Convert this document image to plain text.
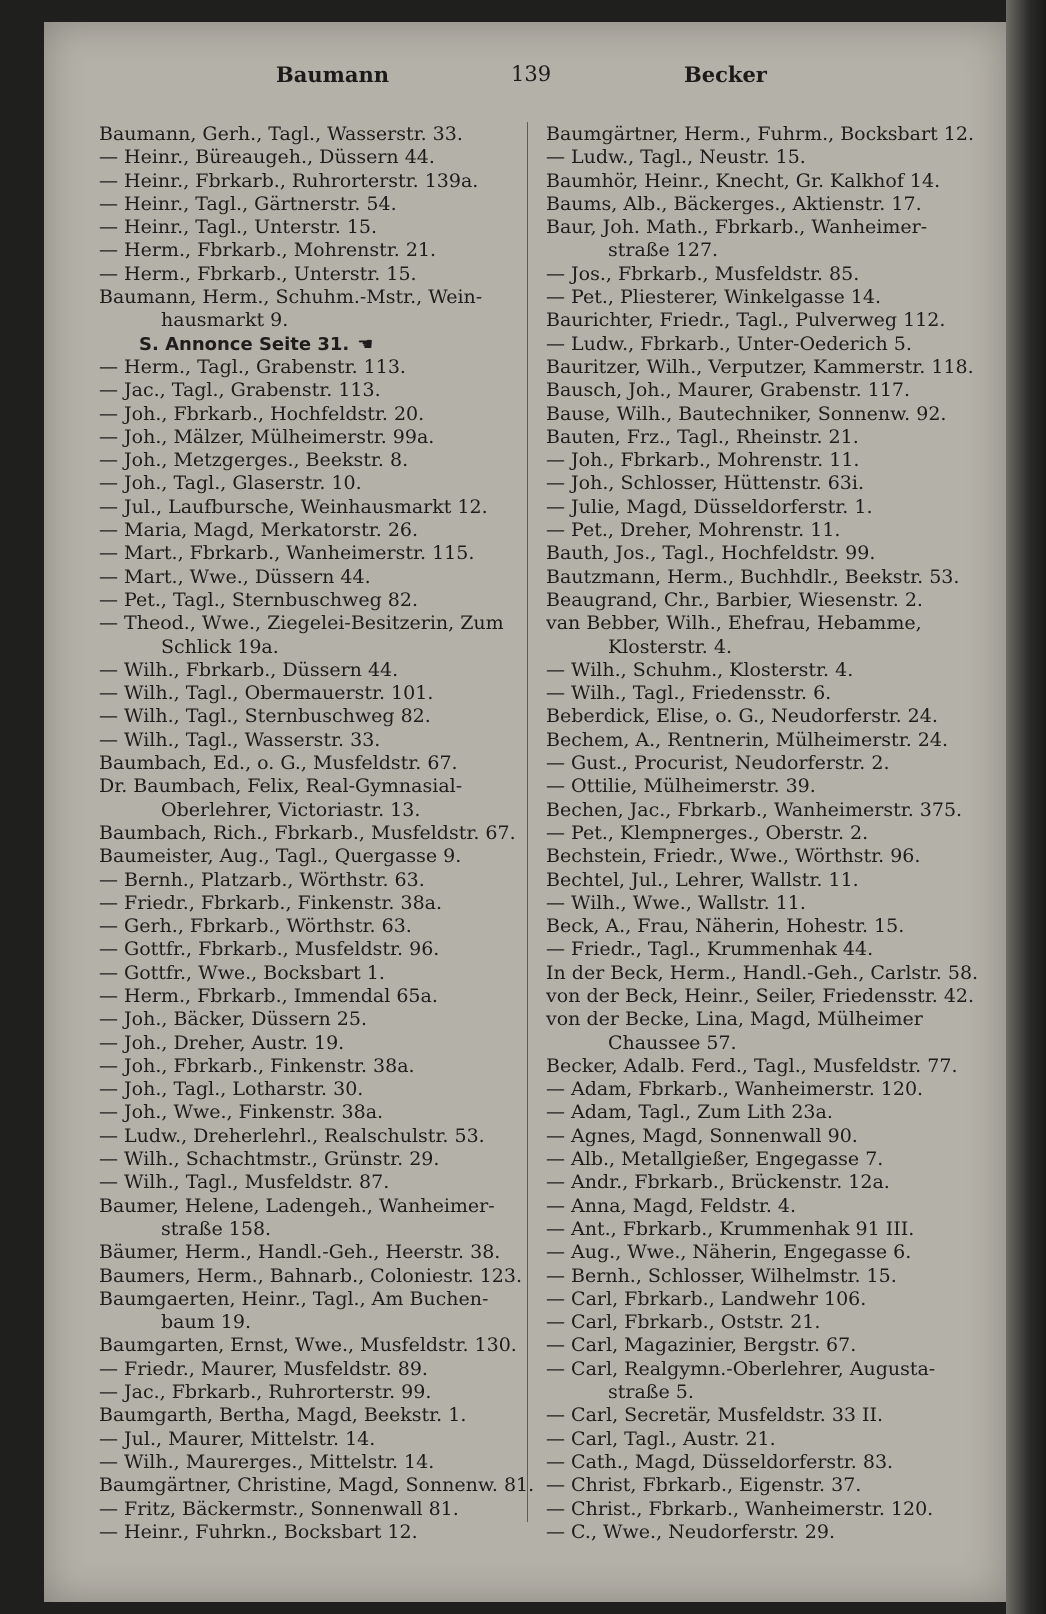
Baumann	139	Becker
Baumann, Gerh., Tagl., Wasserstr. 33.
— Heinr., Büreaugeh., Düssern 44.
— Heinr., Fbrkarb., Ruhrorterstr. 139a.
— Heinr., Tagl., Gärtnerstr. 54.
— Heinr., Tagl., Unterstr. 15.
— Herm., Fbrkarb., Mohrenstr. 21.
— Herm., Fbrkarb., Unterstr. 15.
Baumann, Herm., Schuhm.-Mstr., Wein-
hausmarkt 9.
S. Annonce Seite 31. ☚
— Herm., Tagl., Grabenstr. 113.
— Jac., Tagl., Grabenstr. 113.
— Joh., Fbrkarb., Hochfeldstr. 20.
— Joh., Mälzer, Mülheimerstr. 99a.
— Joh., Metzgerges., Beekstr. 8.
— Joh., Tagl., Glaserstr. 10.
— Jul., Laufbursche, Weinhausmarkt 12.
— Maria, Magd, Merkatorstr. 26.
— Mart., Fbrkarb., Wanheimerstr. 115.
— Mart., Wwe., Düssern 44.
— Pet., Tagl., Sternbuschweg 82.
— Theod., Wwe., Ziegelei-Besitzerin, Zum
Schlick 19a.
— Wilh., Fbrkarb., Düssern 44.
— Wilh., Tagl., Obermauerstr. 101.
— Wilh., Tagl., Sternbuschweg 82.
— Wilh., Tagl., Wasserstr. 33.
Baumbach, Ed., o. G., Musfeldstr. 67.
Dr. Baumbach, Felix, Real-Gymnasial-
Oberlehrer, Victoriastr. 13.
Baumbach, Rich., Fbrkarb., Musfeldstr. 67.
Baumeister, Aug., Tagl., Quergasse 9.
— Bernh., Platzarb., Wörthstr. 63.
— Friedr., Fbrkarb., Finkenstr. 38a.
— Gerh., Fbrkarb., Wörthstr. 63.
— Gottfr., Fbrkarb., Musfeldstr. 96.
— Gottfr., Wwe., Bocksbart 1.
— Herm., Fbrkarb., Immendal 65a.
— Joh., Bäcker, Düssern 25.
— Joh., Dreher, Austr. 19.
— Joh., Fbrkarb., Finkenstr. 38a.
— Joh., Tagl., Lotharstr. 30.
— Joh., Wwe., Finkenstr. 38a.
— Ludw., Dreherlehrl., Realschulstr. 53.
— Wilh., Schachtmstr., Grünstr. 29.
— Wilh., Tagl., Musfeldstr. 87.
Baumer, Helene, Ladengeh., Wanheimer-
straße 158.
Bäumer, Herm., Handl.-Geh., Heerstr. 38.
Baumers, Herm., Bahnarb., Coloniestr. 123.
Baumgaerten, Heinr., Tagl., Am Buchen-
baum 19.
Baumgarten, Ernst, Wwe., Musfeldstr. 130.
— Friedr., Maurer, Musfeldstr. 89.
— Jac., Fbrkarb., Ruhrorterstr. 99.
Baumgarth, Bertha, Magd, Beekstr. 1.
— Jul., Maurer, Mittelstr. 14.
— Wilh., Maurerges., Mittelstr. 14.
Baumgärtner, Christine, Magd, Sonnenw. 81.
— Fritz, Bäckermstr., Sonnenwall 81.
— Heinr., Fuhrkn., Bocksbart 12.
Baumgärtner, Herm., Fuhrm., Bocksbart 12.
— Ludw., Tagl., Neustr. 15.
Baumhör, Heinr., Knecht, Gr. Kalkhof 14.
Baums, Alb., Bäckerges., Aktienstr. 17.
Baur, Joh. Math., Fbrkarb., Wanheimer-
straße 127.
— Jos., Fbrkarb., Musfeldstr. 85.
— Pet., Pliesterer, Winkelgasse 14.
Baurichter, Friedr., Tagl., Pulverweg 112.
— Ludw., Fbrkarb., Unter-Oederich 5.
Bauritzer, Wilh., Verputzer, Kammerstr. 118.
Bausch, Joh., Maurer, Grabenstr. 117.
Bause, Wilh., Bautechniker, Sonnenw. 92.
Bauten, Frz., Tagl., Rheinstr. 21.
— Joh., Fbrkarb., Mohrenstr. 11.
— Joh., Schlosser, Hüttenstr. 63i.
— Julie, Magd, Düsseldorferstr. 1.
— Pet., Dreher, Mohrenstr. 11.
Bauth, Jos., Tagl., Hochfeldstr. 99.
Bautzmann, Herm., Buchhdlr., Beekstr. 53.
Beaugrand, Chr., Barbier, Wiesenstr. 2.
van Bebber, Wilh., Ehefrau, Hebamme,
Klosterstr. 4.
— Wilh., Schuhm., Klosterstr. 4.
— Wilh., Tagl., Friedensstr. 6.
Beberdick, Elise, o. G., Neudorferstr. 24.
Bechem, A., Rentnerin, Mülheimerstr. 24.
— Gust., Procurist, Neudorferstr. 2.
— Ottilie, Mülheimerstr. 39.
Bechen, Jac., Fbrkarb., Wanheimerstr. 375.
— Pet., Klempnerges., Oberstr. 2.
Bechstein, Friedr., Wwe., Wörthstr. 96.
Bechtel, Jul., Lehrer, Wallstr. 11.
— Wilh., Wwe., Wallstr. 11.
Beck, A., Frau, Näherin, Hohestr. 15.
— Friedr., Tagl., Krummenhak 44.
In der Beck, Herm., Handl.-Geh., Carlstr. 58.
von der Beck, Heinr., Seiler, Friedensstr. 42.
von der Becke, Lina, Magd, Mülheimer
Chaussee 57.
Becker, Adalb. Ferd., Tagl., Musfeldstr. 77.
— Adam, Fbrkarb., Wanheimerstr. 120.
— Adam, Tagl., Zum Lith 23a.
— Agnes, Magd, Sonnenwall 90.
— Alb., Metallgießer, Engegasse 7.
— Andr., Fbrkarb., Brückenstr. 12a.
— Anna, Magd, Feldstr. 4.
— Ant., Fbrkarb., Krummenhak 91 III.
— Aug., Wwe., Näherin, Engegasse 6.
— Bernh., Schlosser, Wilhelmstr. 15.
— Carl, Fbrkarb., Landwehr 106.
— Carl, Fbrkarb., Oststr. 21.
— Carl, Magazinier, Bergstr. 67.
— Carl, Realgymn.-Oberlehrer, Augusta-
straße 5.
— Carl, Secretär, Musfeldstr. 33 II.
— Carl, Tagl., Austr. 21.
— Cath., Magd, Düsseldorferstr. 83.
— Christ, Fbrkarb., Eigenstr. 37.
— Christ., Fbrkarb., Wanheimerstr. 120.
— C., Wwe., Neudorferstr. 29.
